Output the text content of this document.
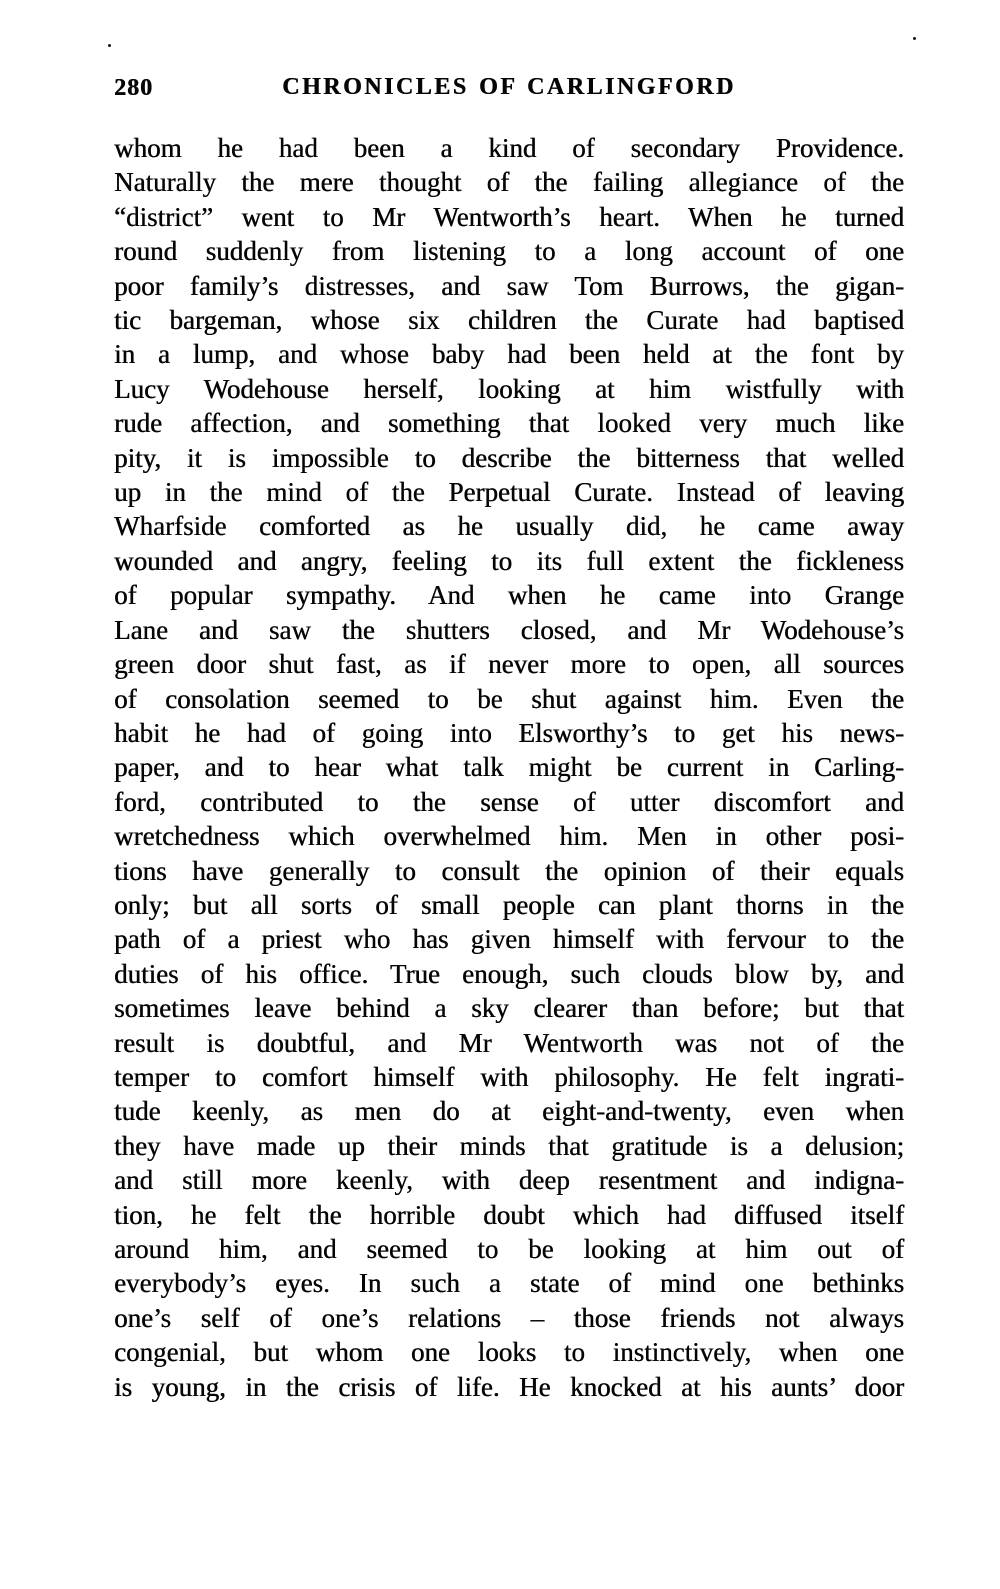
280	CHRONICLES OF CARLINGFORD
whom he had been a kind of secondary Providence.
Naturally the mere thought of the failing allegiance of the
“district” went to Mr Wentworth’s heart. When he turned
round suddenly from listening to a long account of one
poor family’s distresses, and saw Tom Burrows, the gigan-
tic bargeman, whose six children the Curate had baptised
in a lump, and whose baby had been held at the font by
Lucy Wodehouse herself, looking at him wistfully with
rude affection, and something that looked very much like
pity, it is impossible to describe the bitterness that welled
up in the mind of the Perpetual Curate. Instead of leaving
Wharfside comforted as he usually did, he came away
wounded and angry, feeling to its full extent the fickleness
of popular sympathy. And when he came into Grange
Lane and saw the shutters closed, and Mr Wodehouse’s
green door shut fast, as if never more to open, all sources
of consolation seemed to be shut against him. Even the
habit he had of going into Elsworthy’s to get his news-
paper, and to hear what talk might be current in Carling-
ford, contributed to the sense of utter discomfort and
wretchedness which overwhelmed him. Men in other posi-
tions have generally to consult the opinion of their equals
only; but all sorts of small people can plant thorns in the
path of a priest who has given himself with fervour to the
duties of his office. True enough, such clouds blow by, and
sometimes leave behind a sky clearer than before; but that
result is doubtful, and Mr Wentworth was not of the
temper to comfort himself with philosophy. He felt ingrati-
tude keenly, as men do at eight-and-twenty, even when
they have made up their minds that gratitude is a delusion;
and still more keenly, with deep resentment and indigna-
tion, he felt the horrible doubt which had diffused itself
around him, and seemed to be looking at him out of
everybody’s eyes. In such a state of mind one bethinks
one’s self of one’s relations – those friends not always
congenial, but whom one looks to instinctively, when one
is young, in the crisis of life. He knocked at his aunts’ door
